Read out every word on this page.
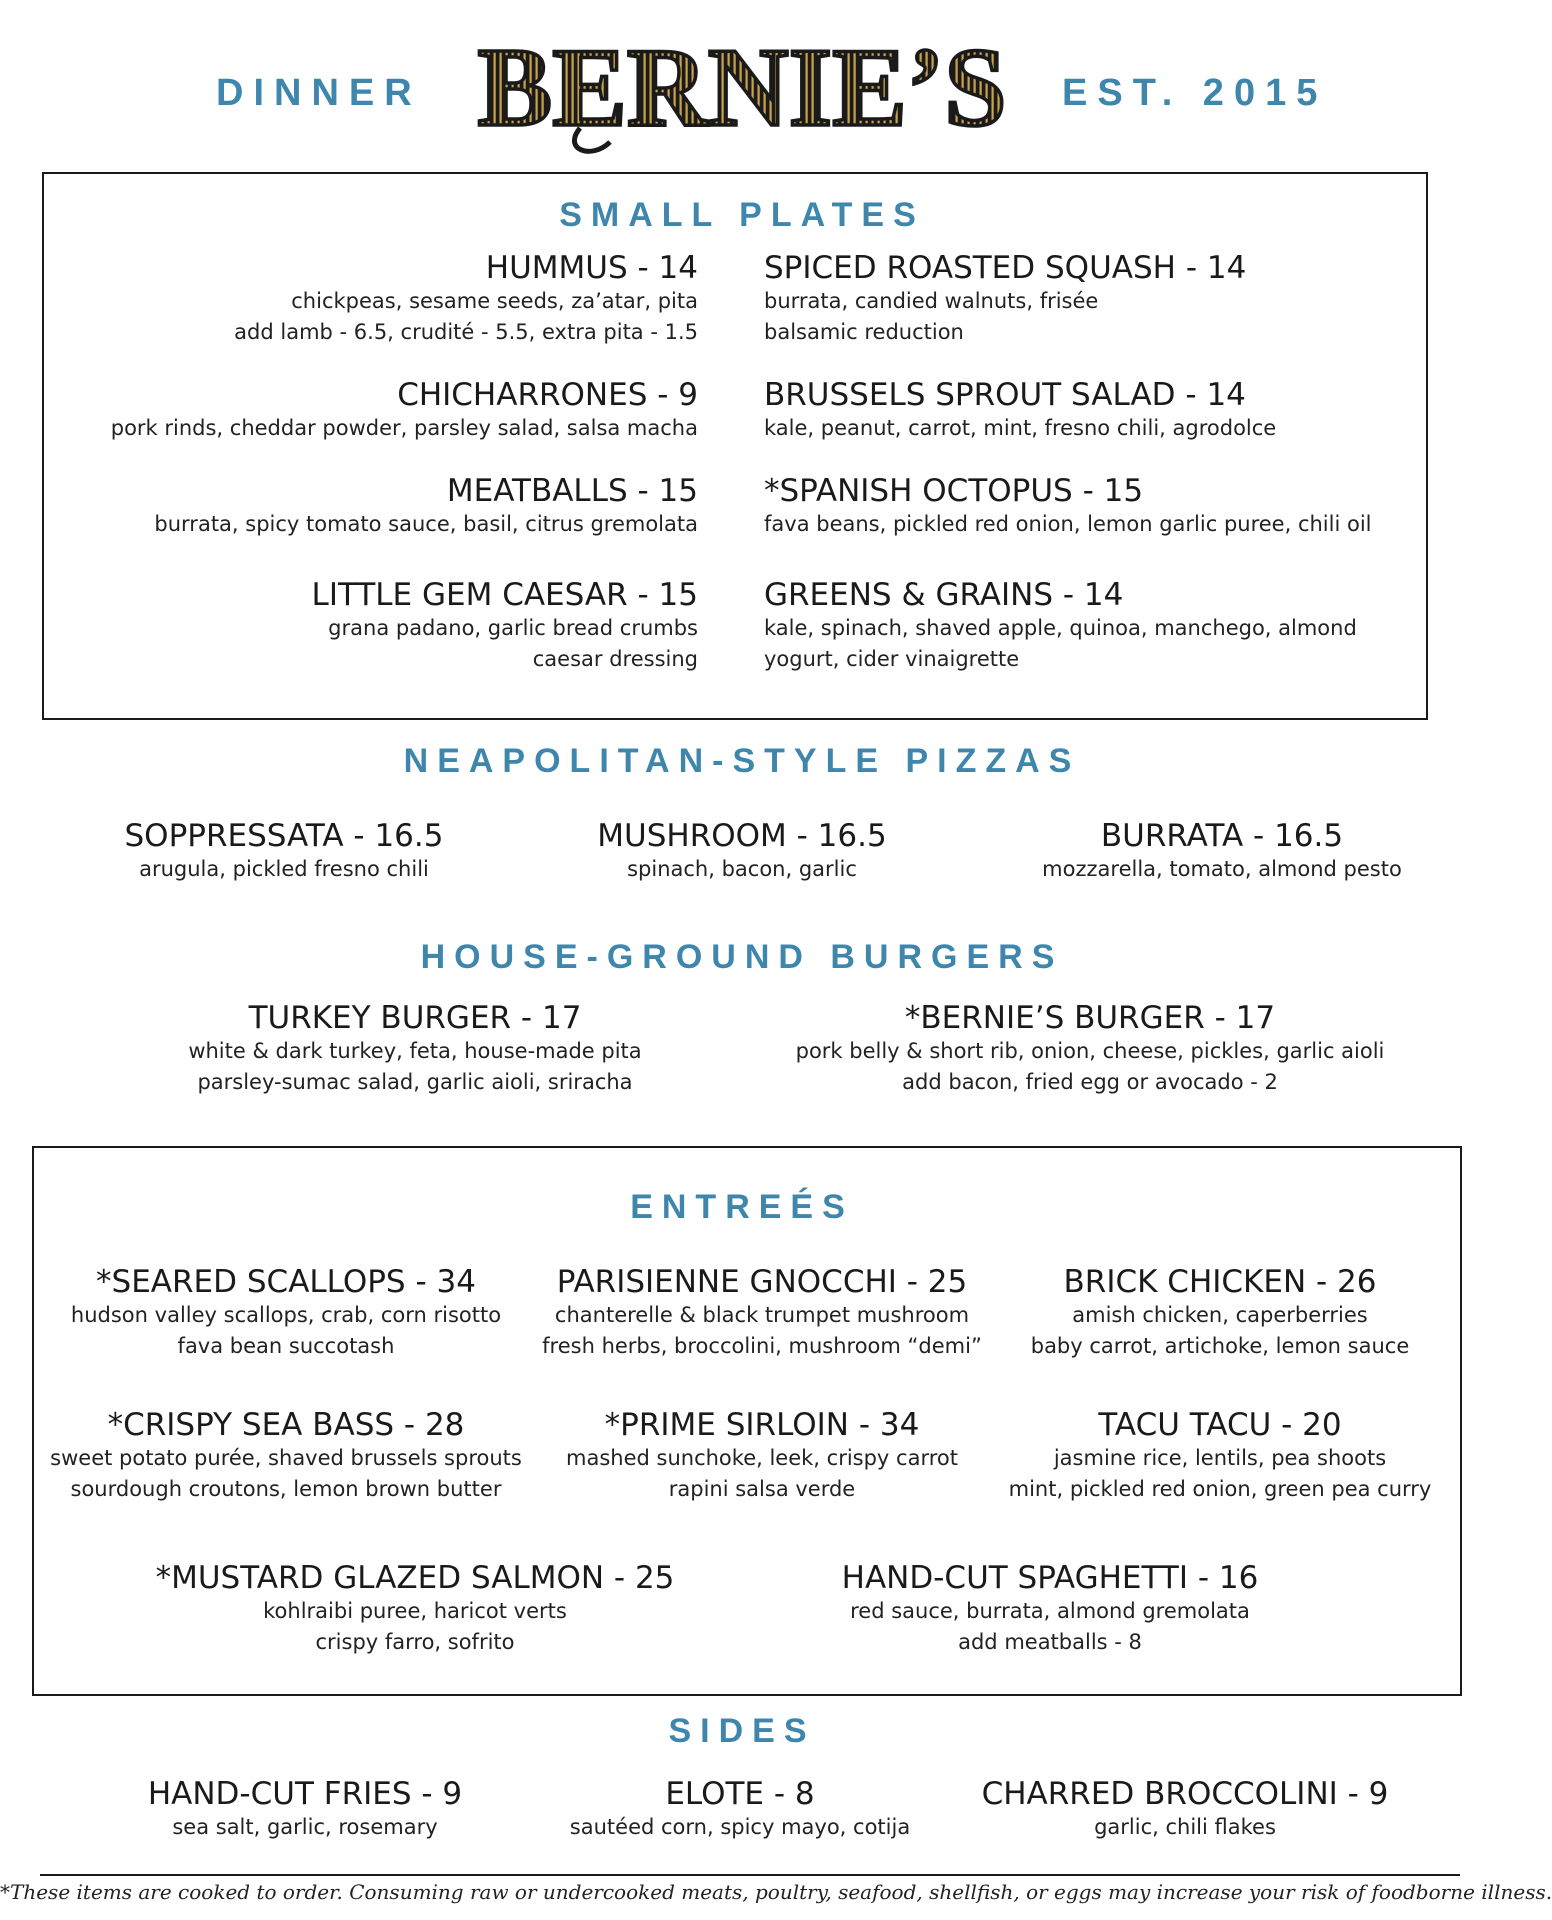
DINNER BERNIE’S EST. 2015
SMALL PLATES
HUMMUS - 14
chickpeas, sesame seeds, za’atar, pita
add lamb - 6.5, crudité - 5.5, extra pita - 1.5
CHICHARRONES - 9
pork rinds, cheddar powder, parsley salad, salsa macha
MEATBALLS - 15
burrata, spicy tomato sauce, basil, citrus gremolata
LITTLE GEM CAESAR - 15
grana padano, garlic bread crumbs
caesar dressing
SPICED ROASTED SQUASH - 14
burrata, candied walnuts, frisée
balsamic reduction
BRUSSELS SPROUT SALAD - 14
kale, peanut, carrot, mint, fresno chili, agrodolce
*SPANISH OCTOPUS - 15
fava beans, pickled red onion, lemon garlic puree, chili oil
GREENS & GRAINS - 14
kale, spinach, shaved apple, quinoa, manchego, almond
yogurt, cider vinaigrette
NEAPOLITAN-STYLE PIZZAS
SOPPRESSATA - 16.5
arugula, pickled fresno chili
MUSHROOM - 16.5
spinach, bacon, garlic
BURRATA - 16.5
mozzarella, tomato, almond pesto
HOUSE-GROUND BURGERS
TURKEY BURGER - 17
white & dark turkey, feta, house-made pita
parsley-sumac salad, garlic aioli, sriracha
*BERNIE’S BURGER - 17
pork belly & short rib, onion, cheese, pickles, garlic aioli
add bacon, fried egg or avocado - 2
ENTREÉS
*SEARED SCALLOPS - 34
hudson valley scallops, crab, corn risotto
fava bean succotash
PARISIENNE GNOCCHI - 25
chanterelle & black trumpet mushroom
fresh herbs, broccolini, mushroom “demi”
BRICK CHICKEN - 26
amish chicken, caperberries
baby carrot, artichoke, lemon sauce
*CRISPY SEA BASS - 28
sweet potato purée, shaved brussels sprouts
sourdough croutons, lemon brown butter
*PRIME SIRLOIN - 34
mashed sunchoke, leek, crispy carrot
rapini salsa verde
TACU TACU - 20
jasmine rice, lentils, pea shoots
mint, pickled red onion, green pea curry
*MUSTARD GLAZED SALMON - 25
kohlraibi puree, haricot verts
crispy farro, sofrito
HAND-CUT SPAGHETTI - 16
red sauce, burrata, almond gremolata
add meatballs - 8
SIDES
HAND-CUT FRIES - 9
sea salt, garlic, rosemary
ELOTE - 8
sautéed corn, spicy mayo, cotija
CHARRED BROCCOLINI - 9
garlic, chili flakes
*These items are cooked to order. Consuming raw or undercooked meats, poultry, seafood, shellfish, or eggs may increase your risk of foodborne illness.
